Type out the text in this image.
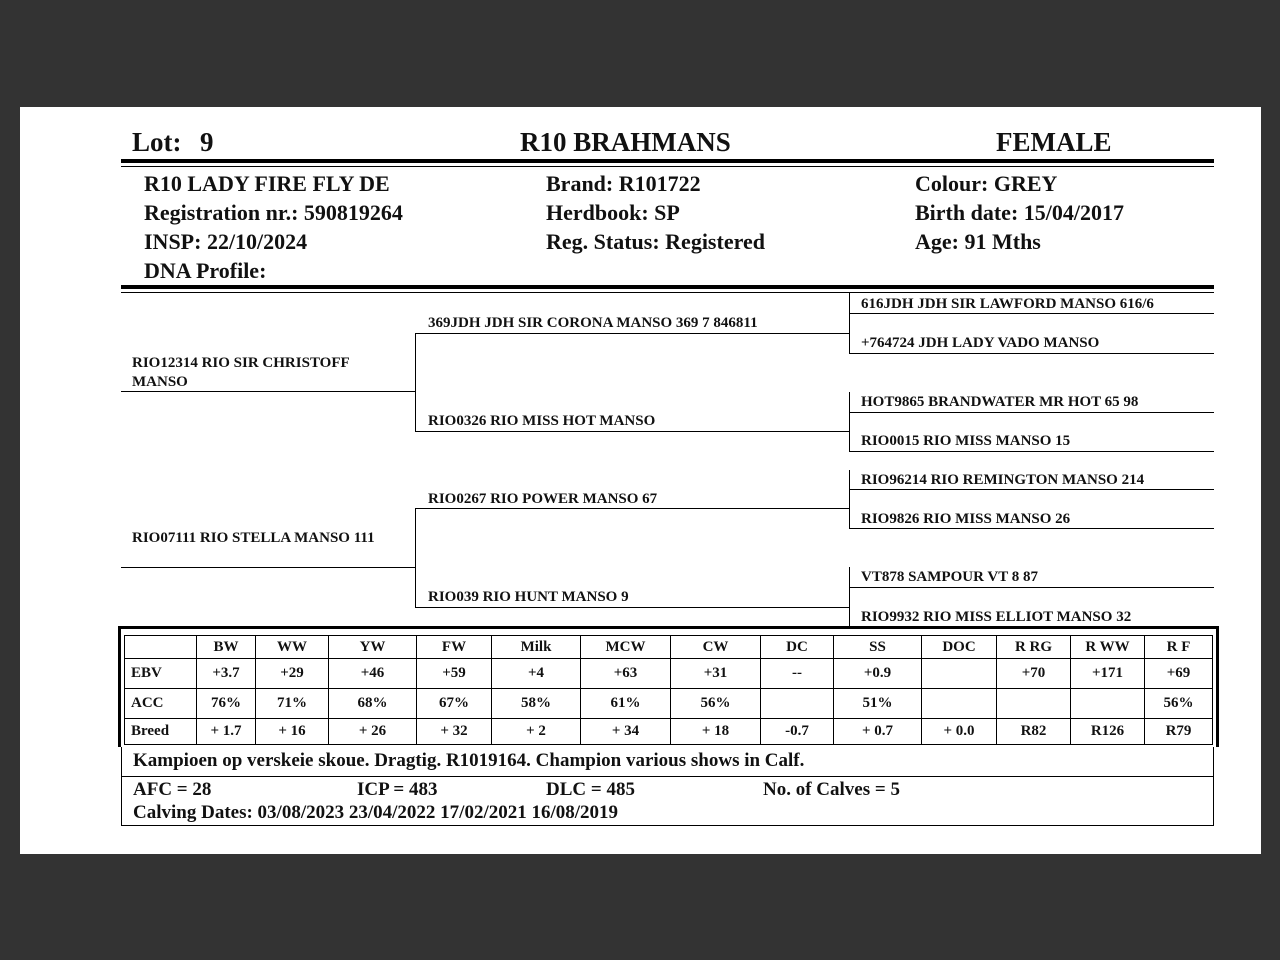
Lot: 9	R10 BRAHMANS	FEMALE
R10 LADY FIRE FLY DE
Registration nr.: 590819264
INSP: 22/10/2024
DNA Profile:
Brand: R101722
Herdbook: SP
Reg. Status: Registered
Colour: GREY
Birth date: 15/04/2017
Age: 91 Mths
RIO12314 RIO SIR CHRISTOFF MANSO
RIO07111 RIO STELLA MANSO 111
369JDH JDH SIR CORONA MANSO 369 7 846811
RIO0326 RIO MISS HOT MANSO
RIO0267 RIO POWER MANSO 67
RIO039 RIO HUNT MANSO 9
616JDH JDH SIR LAWFORD MANSO 616/6
+764724 JDH LADY VADO MANSO
HOT9865 BRANDWATER MR HOT 65 98
RIO0015 RIO MISS MANSO 15
RIO96214 RIO REMINGTON MANSO 214
RIO9826 RIO MISS MANSO 26
VT878 SAMPOUR VT 8 87
RIO9932 RIO MISS ELLIOT MANSO 32
	BW	WW	YW	FW	Milk	MCW	CW	DC	SS	DOC	R RG	R WW	R F
EBV	+3.7	+29	+46	+59	+4	+63	+31	--	+0.9		+70	+171	+69
ACC	76%	71%	68%	67%	58%	61%	56%		51%				56%
Breed	+ 1.7	+ 16	+ 26	+ 32	+ 2	+ 34	+ 18	-0.7	+ 0.7	+ 0.0	R82	R126	R79
Kampioen op verskeie skoue. Dragtig. R1019164. Champion various shows in Calf.
AFC = 28	ICP = 483	DLC = 485	No. of Calves = 5
Calving Dates: 03/08/2023 23/04/2022 17/02/2021 16/08/2019
